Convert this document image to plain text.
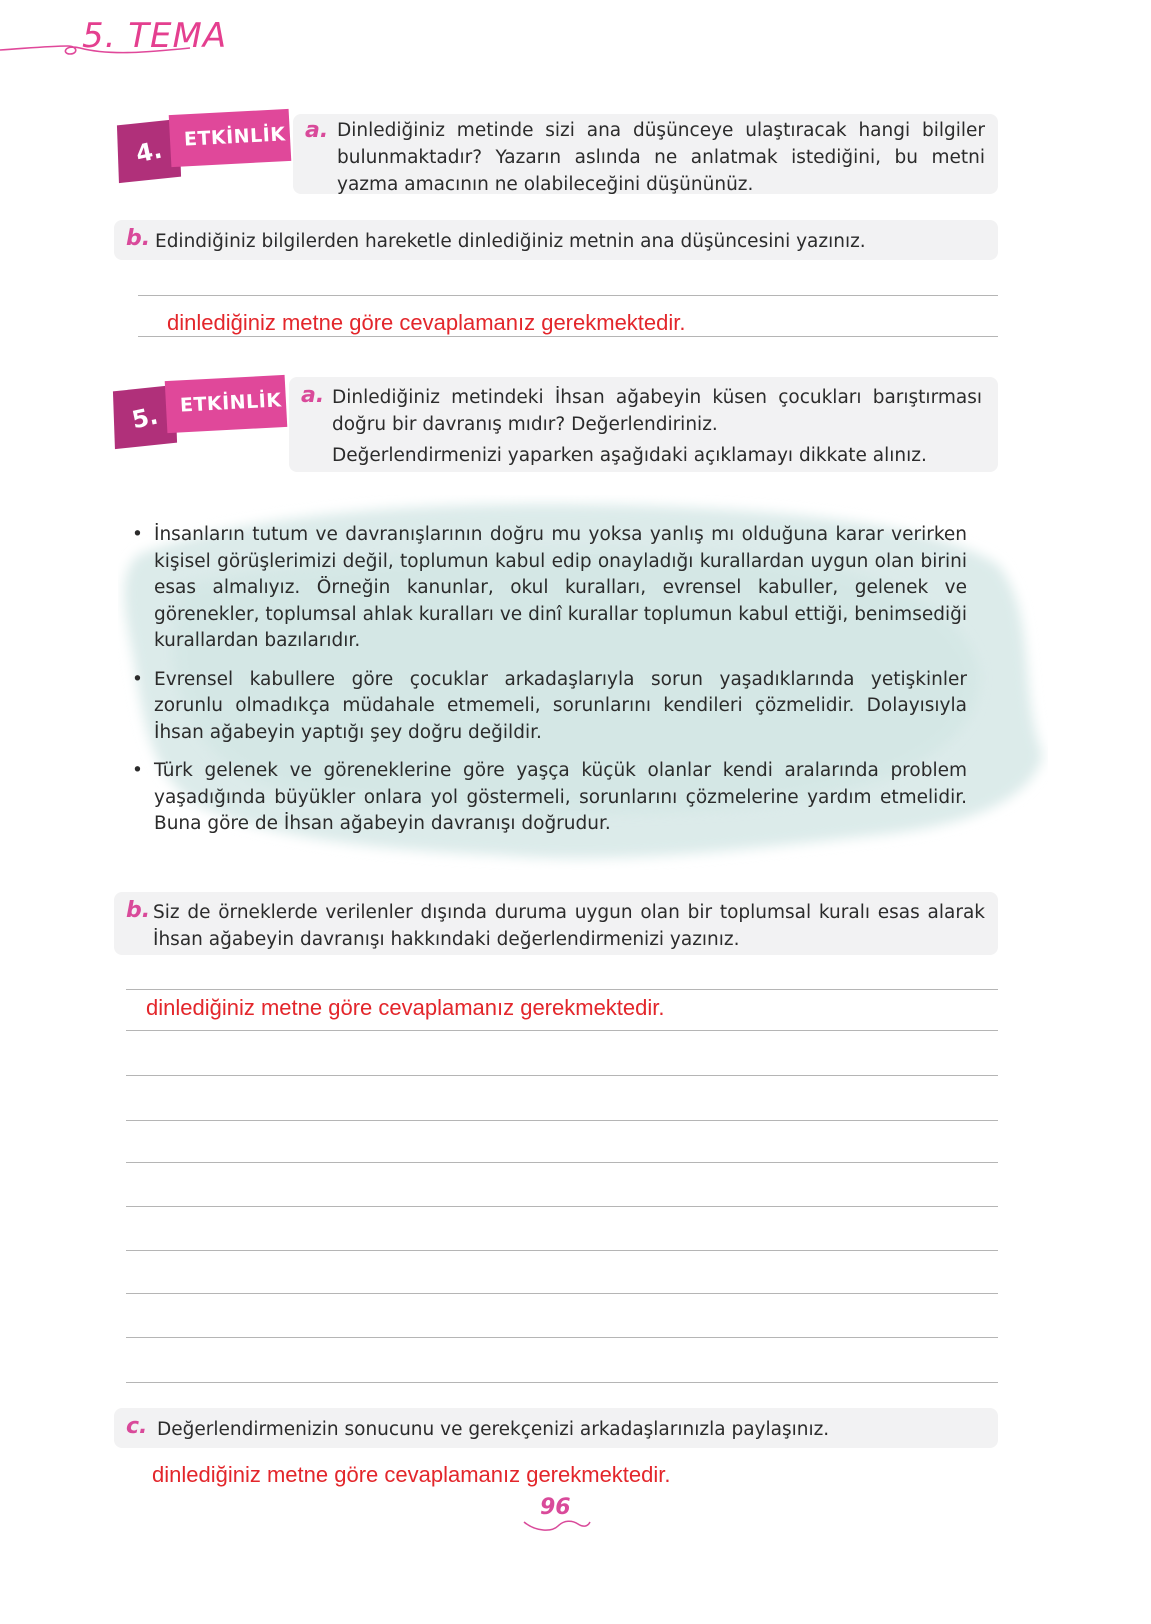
5. TEMA
4. ETKİNLİK a. Dinlediğiniz metinde sizi ana düşünceye ulaştıracak hangi bilgiler bulunmaktadır? Yazarın aslında ne anlatmak istediğini, bu metni yazma amacının ne olabileceğini düşününüz.
b. Edindiğiniz bilgilerden hareketle dinlediğiniz metnin ana düşüncesini yazınız.
dinlediğiniz metne göre cevaplamanız gerekmektedir.
5. ETKİNLİK a. Dinlediğiniz metindeki İhsan ağabeyin küsen çocukları barıştırması doğru bir davranış mıdır? Değerlendiriniz.
Değerlendirmenizi yaparken aşağıdaki açıklamayı dikkate alınız.
• İnsanların tutum ve davranışlarının doğru mu yoksa yanlış mı olduğuna karar verirken kişisel görüşlerimizi değil, toplumun kabul edip onayladığı kurallardan uygun olan birini esas almalıyız. Örneğin kanunlar, okul kuralları, evrensel kabuller, gelenek ve görenekler, toplumsal ahlak kuralları ve dinî kurallar toplumun kabul ettiği, benimsediği kurallardan bazılarıdır.
• Evrensel kabullere göre çocuklar arkadaşlarıyla sorun yaşadıklarında yetişkinler zorunlu olmadıkça müdahale etmemeli, sorunlarını kendileri çözmelidir. Dolayısıyla İhsan ağabeyin yaptığı şey doğru değildir.
• Türk gelenek ve göreneklerine göre yaşça küçük olanlar kendi aralarında problem yaşadığında büyükler onlara yol göstermeli, sorunlarını çözmelerine yardım etmelidir. Buna göre de İhsan ağabeyin davranışı doğrudur.
b. Siz de örneklerde verilenler dışında duruma uygun olan bir toplumsal kuralı esas alarak İhsan ağabeyin davranışı hakkındaki değerlendirmenizi yazınız.
dinlediğiniz metne göre cevaplamanız gerekmektedir.
c. Değerlendirmenizin sonucunu ve gerekçenizi arkadaşlarınızla paylaşınız.
dinlediğiniz metne göre cevaplamanız gerekmektedir.
96
